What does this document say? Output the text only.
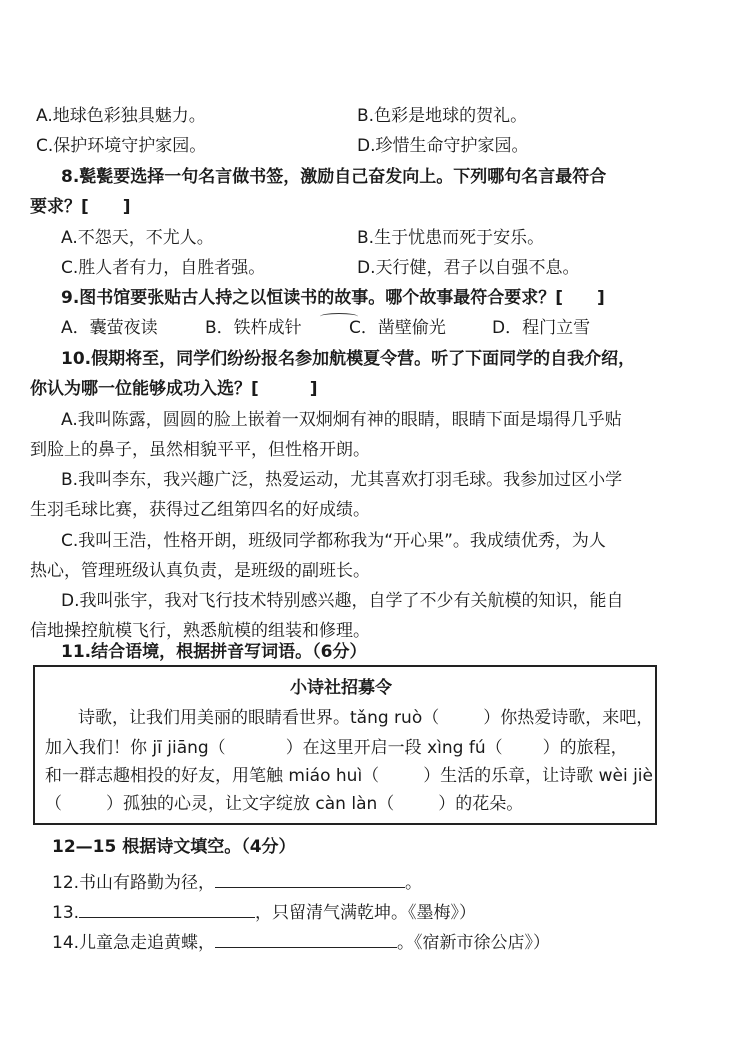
A.地球色彩独具魅力。	B.色彩是地球的贺礼。
C.保护环境守护家园。	D.珍惜生命守护家园。
8.甏甏要选择一句名言做书签，激励自己奋发向上。下列哪句名言最符合
要求？[　　]
A.不怨天，不尤人。	B.生于忧患而死于安乐。
C.胜人者有力，自胜者强。	D.天行健，君子以自强不息。
9.图书馆要张贴古人持之以恒读书的故事。哪个故事最符合要求？[　　]
A．囊萤夜读	B．铁杵成针	C．凿壁偷光	D．程门立雪
10.假期将至，同学们纷纷报名参加航模夏令营。听了下面同学的自我介绍，
你认为哪一位能够成功入选？[　　　]
A.我叫陈露，圆圆的脸上嵌着一双炯炯有神的眼睛，眼睛下面是塌得几乎贴
到脸上的鼻子，虽然相貌平平，但性格开朗。
B.我叫李东，我兴趣广泛，热爱运动，尤其喜欢打羽毛球。我参加过区小学
生羽毛球比赛，获得过乙组第四名的好成绩。
C.我叫王浩，性格开朗，班级同学都称我为“开心果”。我成绩优秀，为人
热心，管理班级认真负责，是班级的副班长。
D.我叫张宇，我对飞行技术特别感兴趣，自学了不少有关航模的知识，能自
信地操控航模飞行，熟悉航模的组装和修理。
11.结合语境，根据拼音写词语。（6分）
小诗社招募令
诗歌，让我们用美丽的眼睛看世界。tǎng ruò（	）你热爱诗歌，来吧，
加入我们！你 jī jiāng（	）在这里开启一段 xìng fú（ ）的旅程，
和一群志趣相投的好友，用笔触 miáo huì（	）生活的乐章，让诗歌 wèi jiè
（	）孤独的心灵，让文字绽放 càn làn（	）的花朵。
12—15 根据诗文填空。（4分）
12.书山有路勤为径，	。
13.	，只留清气满乾坤。《墨梅》）
14.儿童急走追黄蝶，	。《宿新市徐公店》）
